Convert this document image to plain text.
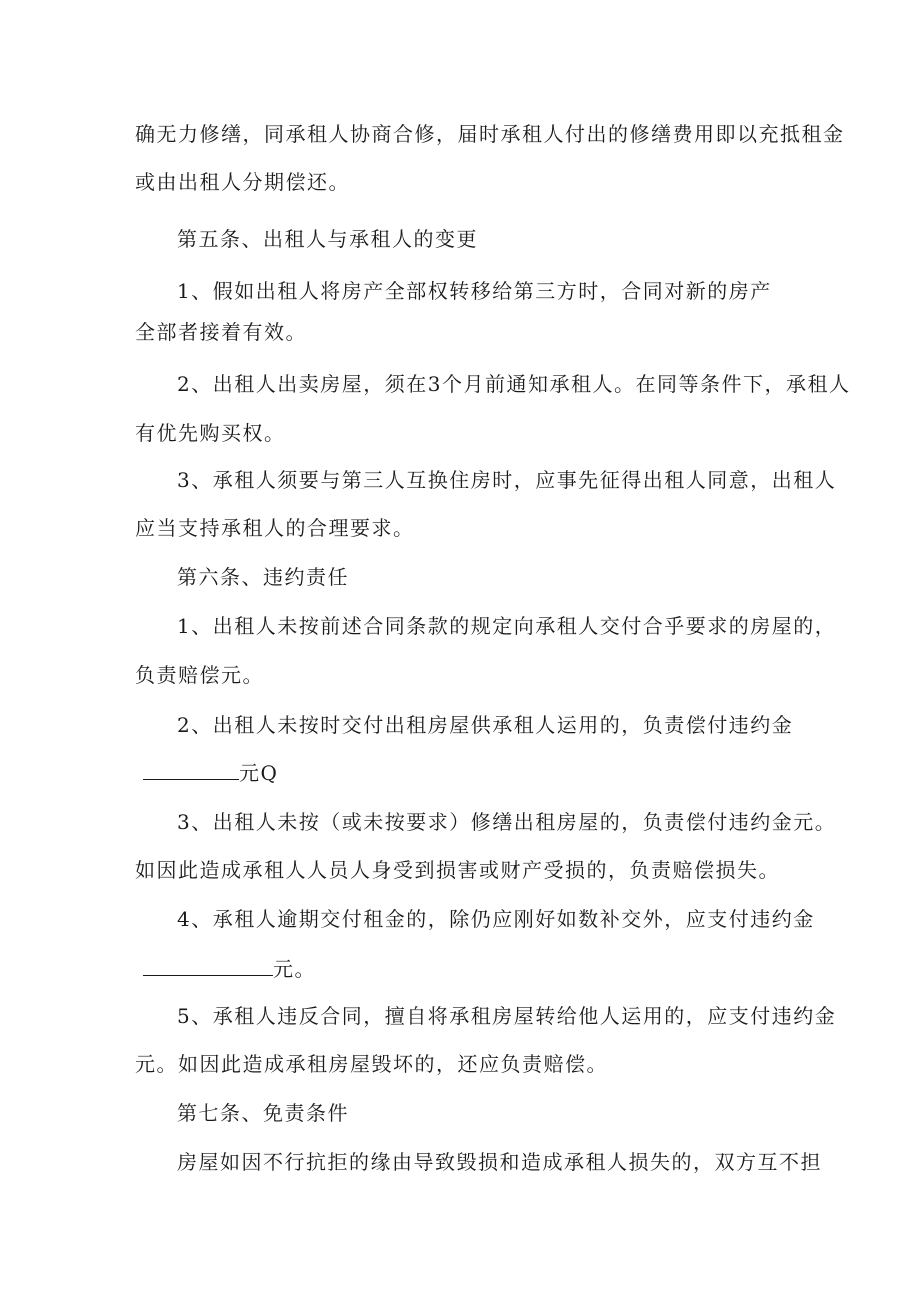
确无力修缮，同承租人协商合修，届时承租人付出的修缮费用即以充抵租金
或由出租人分期偿还。
第五条、出租人与承租人的变更
1、假如出租人将房产全部权转移给第三方时，合同对新的房产
全部者接着有效。
2、出租人出卖房屋，须在3个月前通知承租人。在同等条件下，承租人
有优先购买权。
3、承租人须要与第三人互换住房时，应事先征得出租人同意，出租人
应当支持承租人的合理要求。
第六条、违约责任
1、出租人未按前述合同条款的规定向承租人交付合乎要求的房屋的，
负责赔偿元。
2、出租人未按时交付出租房屋供承租人运用的，负责偿付违约金
元Q
3、出租人未按（或未按要求）修缮出租房屋的，负责偿付违约金元。
如因此造成承租人人员人身受到损害或财产受损的，负责赔偿损失。
4、承租人逾期交付租金的，除仍应刚好如数补交外，应支付违约金
元。
5、承租人违反合同，擅自将承租房屋转给他人运用的，应支付违约金
元。如因此造成承租房屋毁坏的，还应负责赔偿。
第七条、免责条件
房屋如因不行抗拒的缘由导致毁损和造成承租人损失的，双方互不担
